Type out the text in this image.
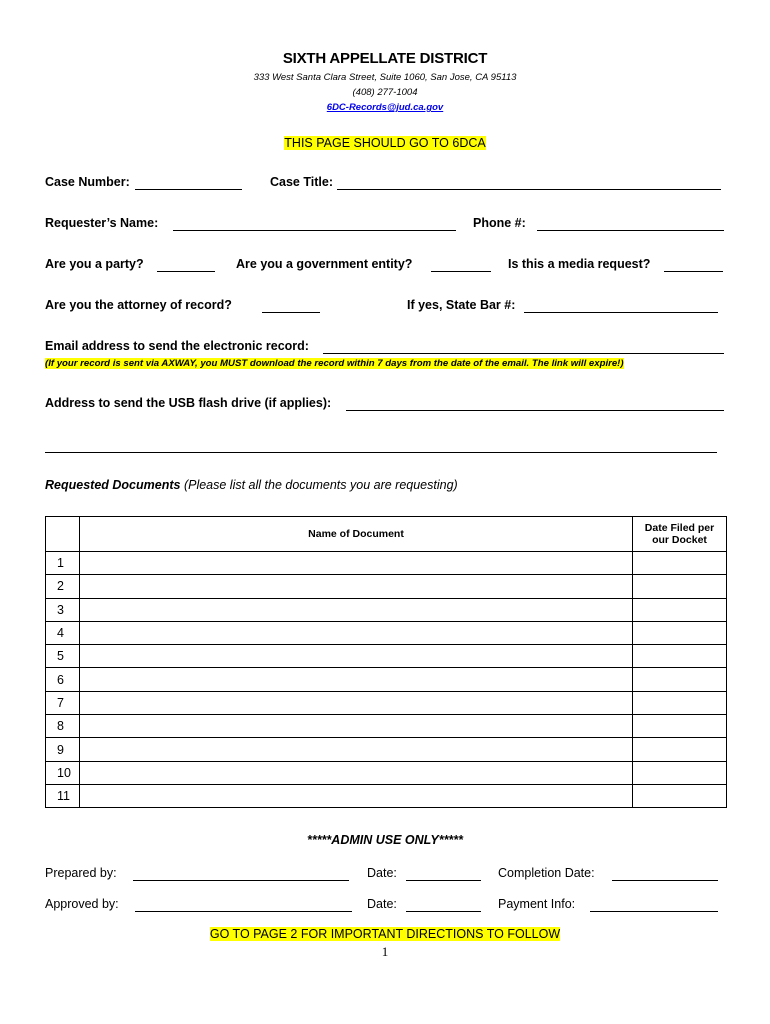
SIXTH APPELLATE DISTRICT
333 West Santa Clara Street, Suite 1060, San Jose, CA 95113
(408) 277-1004
6DC-Records@jud.ca.gov
THIS PAGE SHOULD GO TO 6DCA
Case Number:	Case Title:
Requester’s Name:	Phone #:
Are you a party?	Are you a government entity?	Is this a media request?
Are you the attorney of record?	If yes, State Bar #:
Email address to send the electronic record:
(If your record is sent via AXWAY, you MUST download the record within 7 days from the date of the email. The link will expire!)
Address to send the USB flash drive (if applies):
Requested Documents (Please list all the documents you are requesting)
	Name of Document	Date Filed per
our Docket
1		
2		
3		
4		
5		
6		
7		
8		
9		
10		
11		
*****ADMIN USE ONLY*****
Prepared by:	Date:	Completion Date:
Approved by:	Date:	Payment Info:
GO TO PAGE 2 FOR IMPORTANT DIRECTIONS TO FOLLOW
1
